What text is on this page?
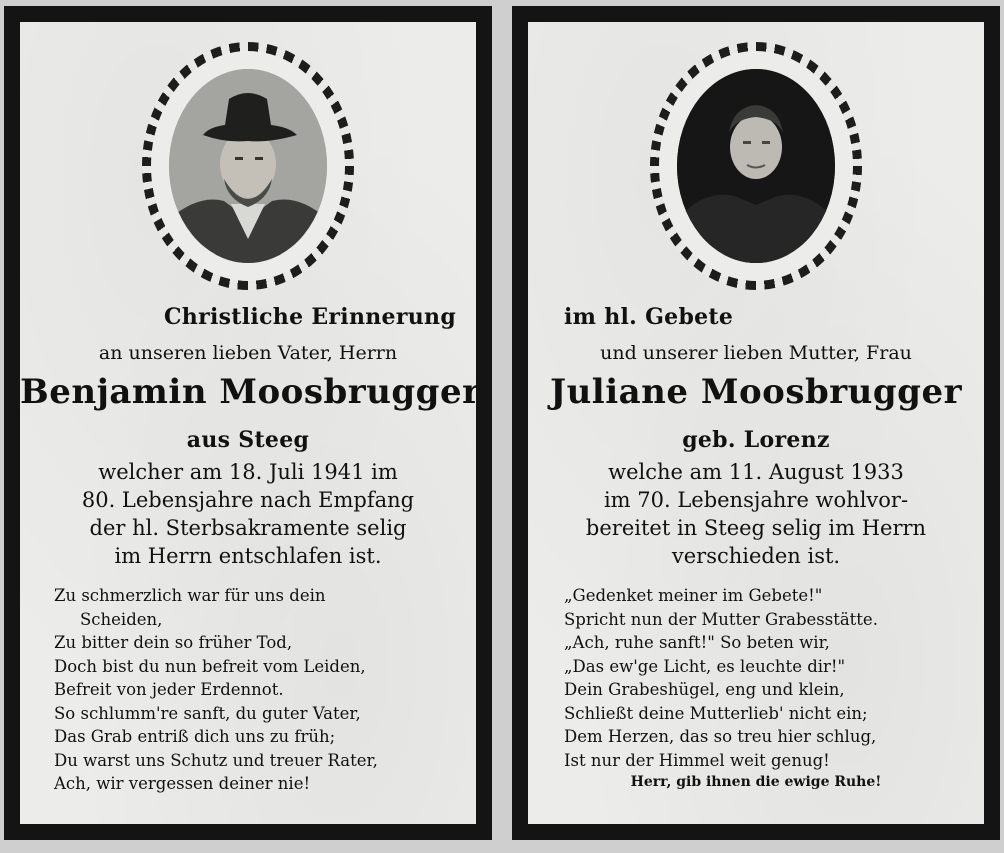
Christliche Erinnerung
an unseren lieben Vater, Herrn
Benjamin Moosbrugger
aus Steeg
welcher am 18. Juli 1941 im
80. Lebensjahre nach Empfang
der hl. Sterbsakramente selig
im Herrn entschlafen ist.
Zu schmerzlich war für uns dein
Scheiden,
Zu bitter dein so früher Tod,
Doch bist du nun befreit vom Leiden,
Befreit von jeder Erdennot.
So schlumm're sanft, du guter Vater,
Das Grab entriß dich uns zu früh;
Du warst uns Schutz und treuer Rater,
Ach, wir vergessen deiner nie!
im hl. Gebete
und unserer lieben Mutter, Frau
Juliane Moosbrugger
geb. Lorenz
welche am 11. August 1933
im 70. Lebensjahre wohlvor-
bereitet in Steeg selig im Herrn
verschieden ist.
„Gedenket meiner im Gebete!"
Spricht nun der Mutter Grabesstätte.
„Ach, ruhe sanft!" So beten wir,
„Das ew'ge Licht, es leuchte dir!"
Dein Grabeshügel, eng und klein,
Schließt deine Mutterlieb' nicht ein;
Dem Herzen, das so treu hier schlug,
Ist nur der Himmel weit genug!
Herr, gib ihnen die ewige Ruhe!
